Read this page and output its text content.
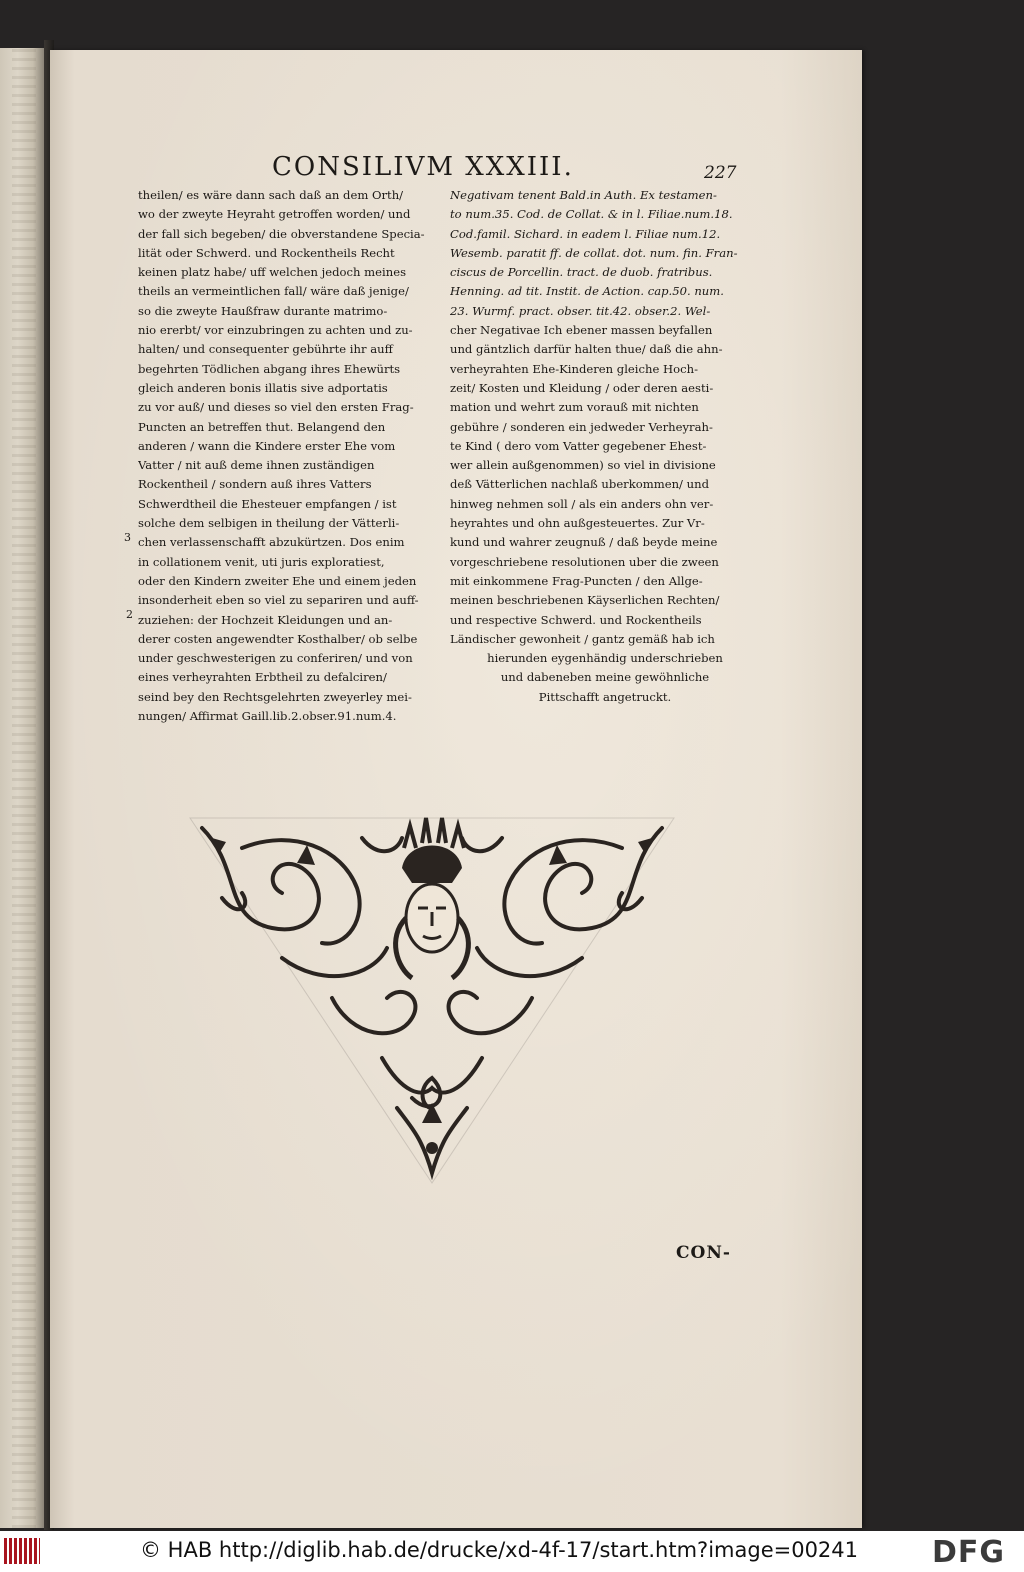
CONSILIVM XXXIII.	227
theilen/ es wäre dann sach daß an dem Orth/
wo der zweyte Heyraht getroffen worden/ und
der fall sich begeben/ die obverstandene Specia-
lität oder Schwerd. und Rockentheils Recht
keinen platz habe/ uff welchen jedoch meines
theils an vermeintlichen fall/ wäre daß jenige/
so die zweyte Haußfraw durante matrimo-
nio ererbt/ vor einzubringen zu achten und zu-
halten/ und consequenter gebührte ihr auff
begehrten Tödlichen abgang ihres Ehewürts
gleich anderen bonis illatis sive adportatis
zu vor auß/ und dieses so viel den ersten Frag-
Puncten an betreffen thut. Belangend den
anderen / wann die Kindere erster Ehe vom
Vatter / nit auß deme ihnen zuständigen
Rockentheil / sondern auß ihres Vatters
Schwerdtheil die Ehesteuer empfangen / ist
solche dem selbigen in theilung der Vätterli-
chen verlassenschafft abzukürtzen. Dos enim
in collationem venit, uti juris exploratiest,
oder den Kindern zweiter Ehe und einem jeden
insonderheit eben so viel zu separiren und auff-
zuziehen: der Hochzeit Kleidungen und an-
derer costen angewendter Kosthalber/ ob selbe
under geschwesterigen zu conferiren/ und von
eines verheyrahten Erbtheil zu defalciren/
seind bey den Rechtsgelehrten zweyerley mei-
nungen/ Affirmat Gaill.lib.2.obser.91.num.4.
Negativam tenent Bald.in Auth. Ex testamen-
to num.35. Cod. de Collat. & in l. Filiae.num.18.
Cod.famil. Sichard. in eadem l. Filiae num.12.
Wesemb. paratit ff. de collat. dot. num. fin. Fran-
ciscus de Porcellin. tract. de duob. fratribus.
Henning. ad tit. Instit. de Action. cap.50. num.
23. Wurmf. pract. obser. tit.42. obser.2. Wel-
cher Negativae Ich ebener massen beyfallen
und gäntzlich darfür halten thue/ daß die ahn-
verheyrahten Ehe-Kinderen gleiche Hoch-
zeit/ Kosten und Kleidung / oder deren aesti-
mation und wehrt zum vorauß mit nichten
gebühre / sonderen ein jedweder Verheyrah-
te Kind ( dero vom Vatter gegebener Ehest-
wer allein außgenommen) so viel in divisione
deß Vätterlichen nachlaß uberkommen/ und
hinweg nehmen soll / als ein anders ohn ver-
heyrahtes und ohn außgesteuertes. Zur Vr-
kund und wahrer zeugnuß / daß beyde meine
vorgeschriebene resolutionen uber die zween
mit einkommene Frag-Puncten / den Allge-
meinen beschriebenen Käyserlichen Rechten/
und respective Schwerd. und Rockentheils
Ländischer gewonheit / gantz gemäß hab ich
hierunden eygenhändig underschrieben
und dabeneben meine gewöhnliche
Pittschafft angetruckt.
3
2
CON-
© HAB http://diglib.hab.de/drucke/xd-4f-17/start.htm?image=00241 DFG
